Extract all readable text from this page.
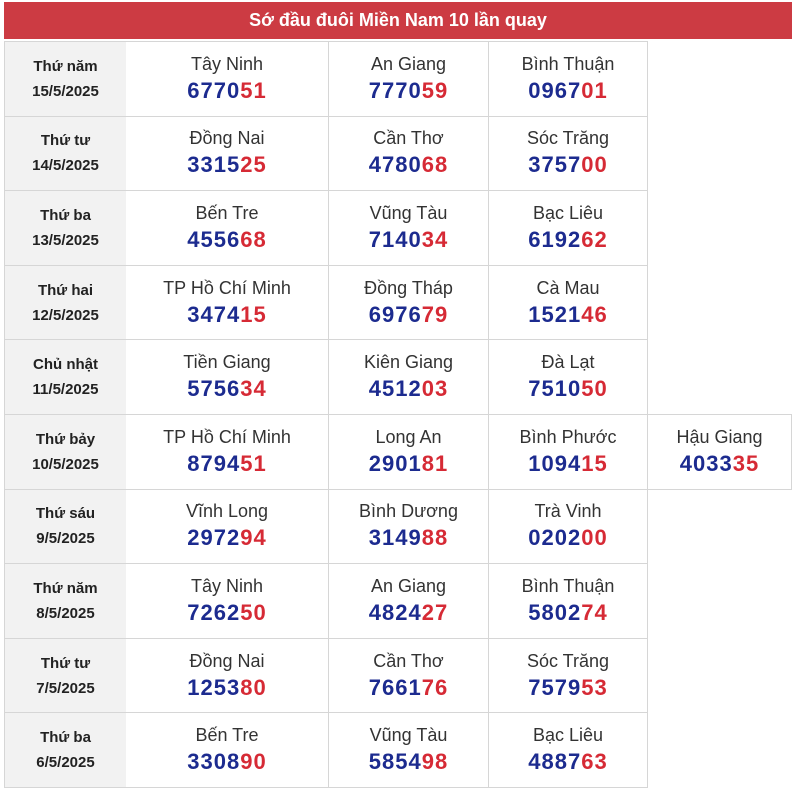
Sớ đầu đuôi Miền Nam 10 lần quay
Thứ năm
15/5/2025
Tây Ninh
677051
An Giang
777059
Bình Thuận
096701
Thứ tư
14/5/2025
Đồng Nai
331525
Cần Thơ
478068
Sóc Trăng
375700
Thứ ba
13/5/2025
Bến Tre
455668
Vũng Tàu
714034
Bạc Liêu
619262
Thứ hai
12/5/2025
TP Hồ Chí Minh
347415
Đồng Tháp
697679
Cà Mau
152146
Chủ nhật
11/5/2025
Tiền Giang
575634
Kiên Giang
451203
Đà Lạt
751050
Thứ bảy
10/5/2025
TP Hồ Chí Minh
879451
Long An
290181
Bình Phước
109415
Hậu Giang
403335
Thứ sáu
9/5/2025
Vĩnh Long
297294
Bình Dương
314988
Trà Vinh
020200
Thứ năm
8/5/2025
Tây Ninh
726250
An Giang
482427
Bình Thuận
580274
Thứ tư
7/5/2025
Đồng Nai
125380
Cần Thơ
766176
Sóc Trăng
757953
Thứ ba
6/5/2025
Bến Tre
330890
Vũng Tàu
585498
Bạc Liêu
488763
